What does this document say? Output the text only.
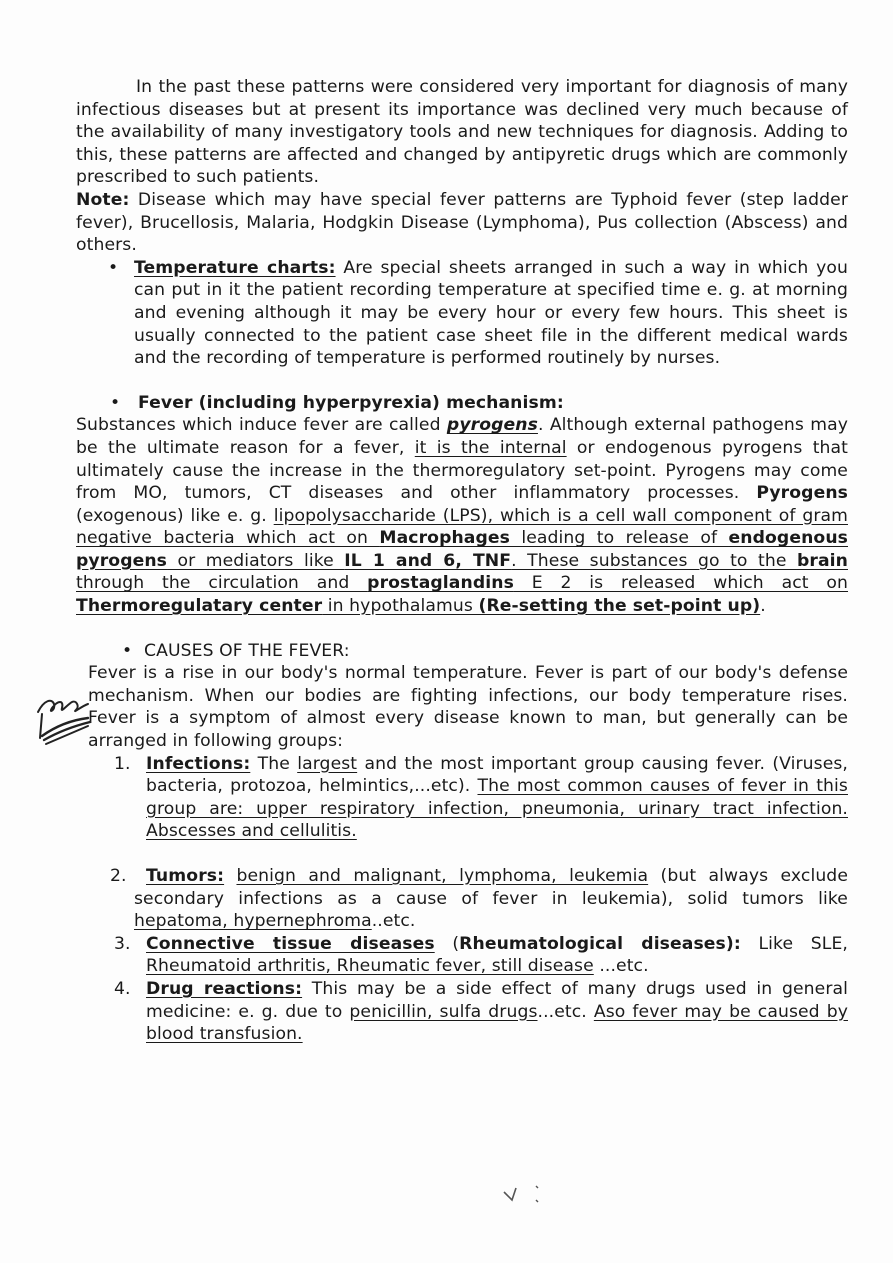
In the past these patterns were considered very important for diagnosis of many infectious diseases but at present its importance was declined very much because of the availability of many investigatory tools and new techniques for diagnosis. Adding to this, these patterns are affected and changed by antipyretic drugs which are commonly prescribed to such patients.

Note: Disease which may have special fever patterns are Typhoid fever (step ladder fever), Brucellosis, Malaria, Hodgkin Disease (Lymphoma), Pus collection (Abscess) and others.

• Temperature charts: Are special sheets arranged in such a way in which you can put in it the patient recording temperature at specified time e. g. at morning and evening although it may be every hour or every few hours. This sheet is usually connected to the patient case sheet file in the different medical wards and the recording of temperature is performed routinely by nurses.

• Fever (including hyperpyrexia) mechanism:

Substances which induce fever are called pyrogens. Although external pathogens may be the ultimate reason for a fever, it is the internal or endogenous pyrogens that ultimately cause the increase in the thermoregulatory set-point. Pyrogens may come from MO, tumors, CT diseases and other inflammatory processes. Pyrogens (exogenous) like e. g. lipopolysaccharide (LPS), which is a cell wall component of gram negative bacteria which act on Macrophages leading to release of endogenous pyrogens or mediators like IL 1 and 6, TNF. These substances go to the brain through the circulation and prostaglandins E 2 is released which act on Thermoregulatary center in hypothalamus (Re-setting the set-point up).

• CAUSES OF THE FEVER:

Fever is a rise in our body's normal temperature. Fever is part of our body's defense mechanism. When our bodies are fighting infections, our body temperature rises. Fever is a symptom of almost every disease known to man, but generally can be arranged in following groups:

1. Infections: The largest and the most important group causing fever. (Viruses, bacteria, protozoa, helmintics,...etc). The most common causes of fever in this group are: upper respiratory infection, pneumonia, urinary tract infection. Abscesses and cellulitis.

2.	Tumors: benign and malignant, lymphoma, leukemia (but always exclude secondary infections as a cause of fever in leukemia), solid tumors like hepatoma, hypernephroma..etc.

3. Connective tissue diseases (Rheumatological diseases): Like SLE, Rheumatoid arthritis, Rheumatic fever, still disease ...etc.

4. Drug reactions: This may be a side effect of many drugs used in general medicine: e. g. due to penicillin, sulfa drugs...etc. Aso fever may be caused by blood transfusion.
